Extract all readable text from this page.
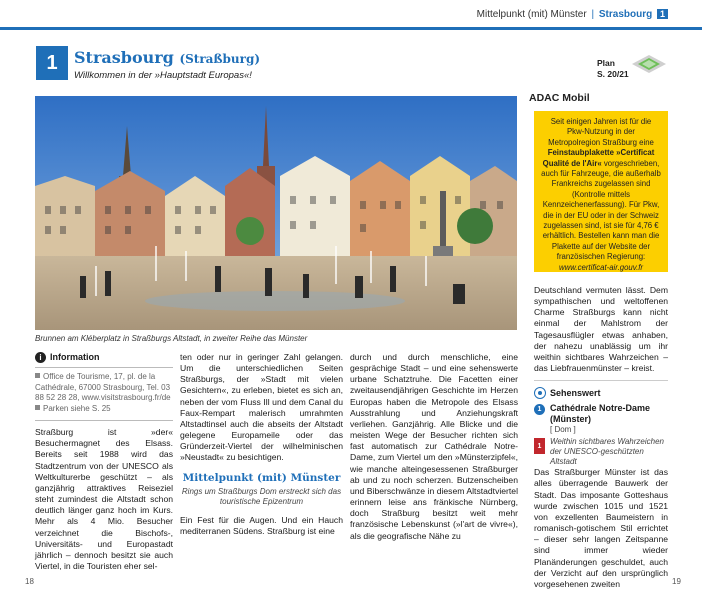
Mittelpunkt (mit) Münster | Strasbourg 1
1	Strasbourg (Straßburg)
Willkommen in der »Hauptstadt Europas«!
Plan
S. 20/21
Brunnen am Kléberplatz in Straßburgs Altstadt, in zweiter Reihe das Münster
i Information
Office de Tourisme, 17, pl. de la Cathédrale, 67000 Strasbourg, Tel. 03 88 52 28 28, www.visitstrasbourg.fr/de
Parken siehe S. 25

Straßburg ist »der« Besuchermagnet des Elsass. Bereits seit 1988 wird das Stadtzentrum von der UNESCO als Weltkulturerbe geschützt – als ganzjährig attraktives Reiseziel steht zumindest die Altstadt schon deutlich länger ganz hoch im Kurs. Mehr als 4 Mio. Besucher verzeichnet die Bischofs-, Universitäts- und Europastadt jährlich – dennoch besitzt sie auch Viertel, in die Touristen eher sel-

ten oder nur in geringer Zahl gelangen. Um die unterschiedlichen Seiten Straßburgs, der »Stadt mit vielen Gesichtern«, zu erleben, bietet es sich an, neben der vom Fluss Ill und dem Canal du Faux-Rempart malerisch umrahmten Altstadtinsel auch die abseits der Altstadt gelegene Europameile oder das Gründerzeit-Viertel der wilhelminischen »Neustadt« zu besichtigen.

Mittelpunkt (mit) Münster
Rings um Straßburgs Dom erstreckt sich das touristische Epizentrum

Ein Fest für die Augen. Und ein Hauch mediterranen Südens. Straßburg ist eine

durch und durch menschliche, eine gesprächige Stadt – und eine sehenswerte urbane Schatztruhe. Die Facetten einer zweitausendjährigen Geschichte im Herzen Europas haben die Metropole des Elsass Ausstrahlung und Anziehungskraft verliehen. Ganzjährig. Alle Blicke und die meisten Wege der Besucher richten sich fast automatisch zur Cathédrale Notre-Dame, zum Viertel um den »Münsterzipfel«, wie manche alteingesessenen Straßburger ab und zu noch scherzen. Butzenscheiben und Biberschwänze in diesem Altstadtviertel erinnern leise ans fränkische Nürnberg, doch Straßburg besitzt weit mehr französische Lebenskunst (»l'art de vivre«), als die geografische Nähe zu

ADAC Mobil
Seit einigen Jahren ist für die Pkw-Nutzung in der Metropolregion Straßburg eine Feinstaubplakette »Certificat Qualité de l'Air« vorgeschrieben, auch für Fahrzeuge, die außerhalb Frankreichs zugelassen sind (Kontrolle mittels Kennzeichenerfassung). Für Pkw, die in der EU oder in der Schweiz zugelassen sind, ist sie für 4,76 € erhältlich. Bestellen kann man die Plakette auf der Website der französischen Regierung: www.certificat-air.gouv.fr

Deutschland vermuten lässt. Dem sympathischen und weltoffenen Charme Straßburgs kann nicht einmal der Mahlstrom der Tagesausflügler etwas anhaben, der nahezu unablässig um ihr weithin sichtbares Wahrzeichen – das Liebfrauenmünster – kreist.

Sehenswert
1 Cathédrale Notre-Dame (Münster)
[ Dom ]
1	Weithin sichtbares Wahrzeichen der UNESCO-geschützten Altstadt

Das Straßburger Münster ist das alles überragende Bauwerk der Stadt. Das imposante Gotteshaus wurde zwischen 1015 und 1521 von exzellenten Baumeistern in romanisch-gotischem Stil errichtet – dieser sehr langen Zeitspanne sind immer wieder Planänderungen geschuldet, auch der Verzicht auf den ursprünglich vorgesehenen zweiten

18	19
